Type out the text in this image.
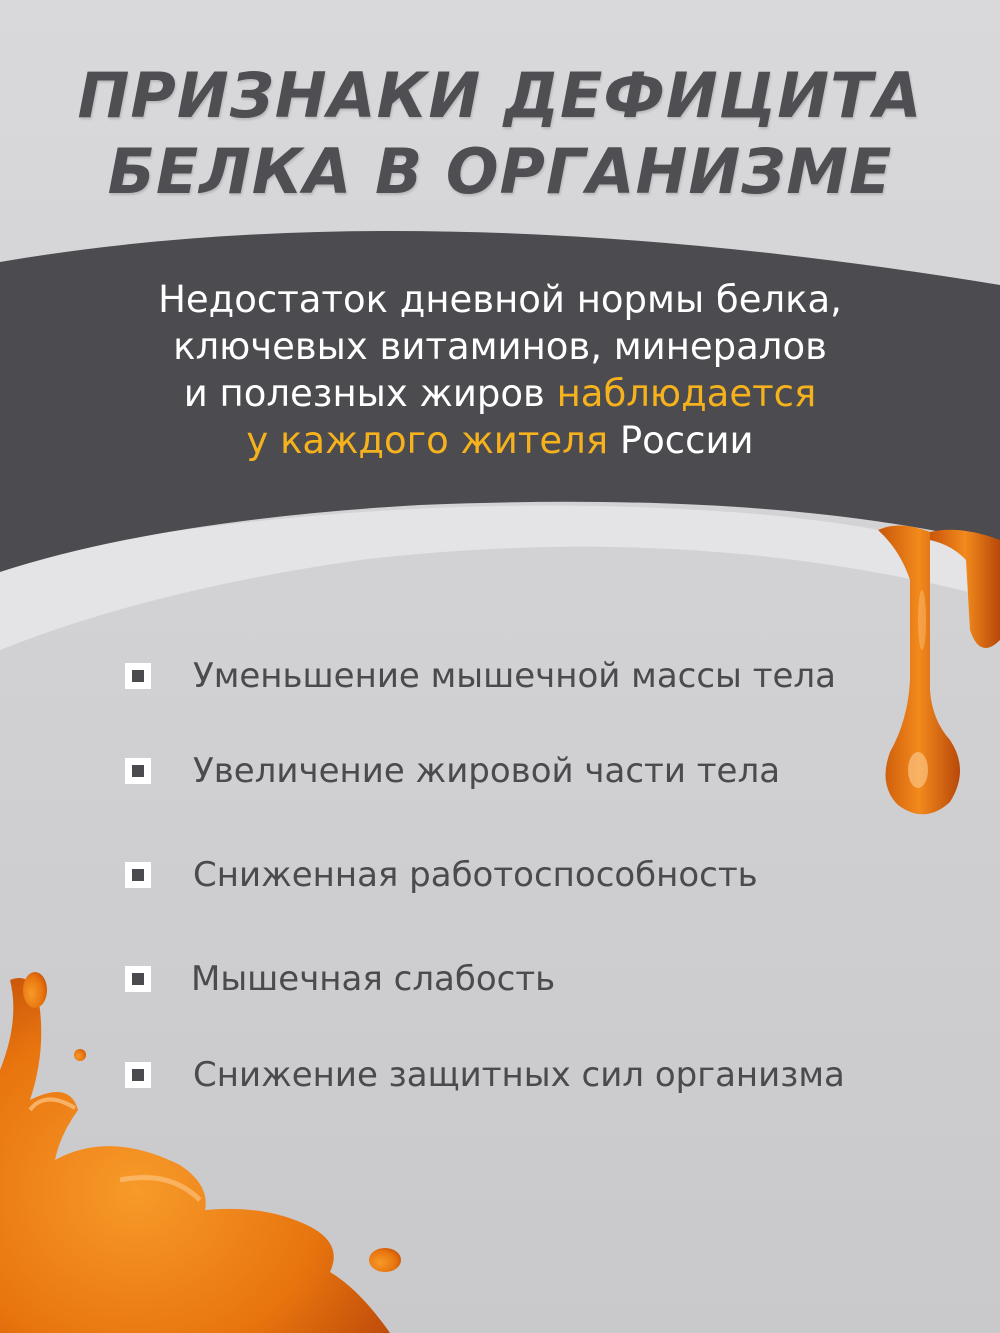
ПРИЗНАКИ ДЕФИЦИТА
БЕЛКА В ОРГАНИЗМЕ
Недостаток дневной нормы белка,
ключевых витаминов, минералов
и полезных жиров наблюдается
у каждого жителя России
Уменьшение мышечной массы тела
Увеличение жировой части тела
Сниженная работоспособность
Мышечная слабость
Снижение защитных сил организма
